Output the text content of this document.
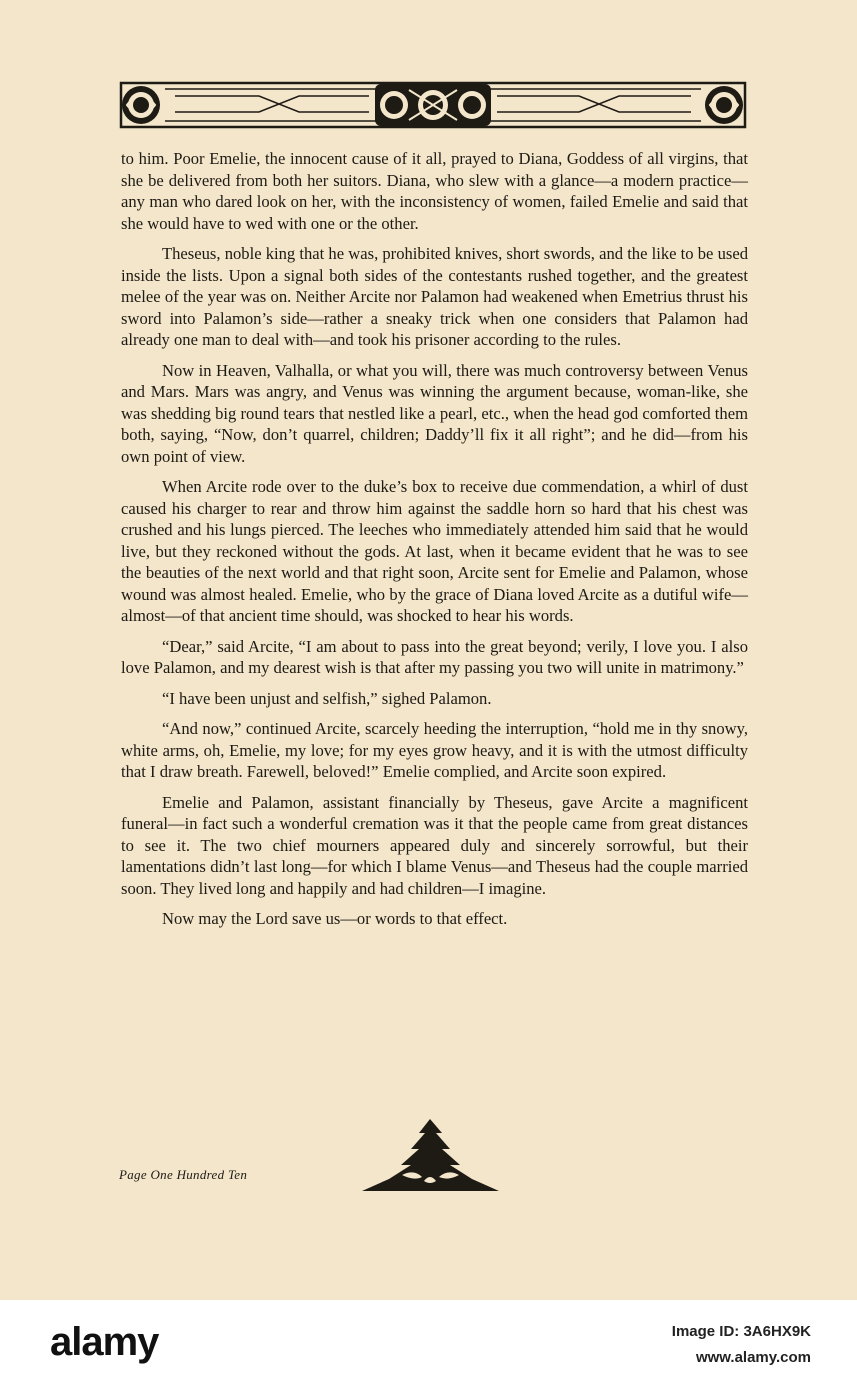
to him. Poor Emelie, the innocent cause of it all, prayed to Diana, Goddess of all virgins, that she be delivered from both her suitors. Diana, who slew with a glance—a modern practice—any man who dared look on her, with the inconsistency of women, failed Emelie and said that she would have to wed with one or the other.

Theseus, noble king that he was, prohibited knives, short swords, and the like to be used inside the lists. Upon a signal both sides of the contestants rushed together, and the greatest melee of the year was on. Neither Arcite nor Palamon had weakened when Emetrius thrust his sword into Palamon’s side—rather a sneaky trick when one considers that Palamon had already one man to deal with—and took his prisoner according to the rules.

Now in Heaven, Valhalla, or what you will, there was much controversy between Venus and Mars. Mars was angry, and Venus was winning the argument because, woman-like, she was shedding big round tears that nestled like a pearl, etc., when the head god comforted them both, saying, “Now, don’t quarrel, children; Daddy’ll fix it all right”; and he did—from his own point of view.

When Arcite rode over to the duke’s box to receive due commendation, a whirl of dust caused his charger to rear and throw him against the saddle horn so hard that his chest was crushed and his lungs pierced. The leeches who immediately attended him said that he would live, but they reckoned without the gods. At last, when it became evident that he was to see the beauties of the next world and that right soon, Arcite sent for Emelie and Palamon, whose wound was almost healed. Emelie, who by the grace of Diana loved Arcite as a dutiful wife—almost—of that ancient time should, was shocked to hear his words.

“Dear,” said Arcite, “I am about to pass into the great beyond; verily, I love you. I also love Palamon, and my dearest wish is that after my passing you two will unite in matrimony.”

“I have been unjust and selfish,” sighed Palamon.

“And now,” continued Arcite, scarcely heeding the interruption, “hold me in thy snowy, white arms, oh, Emelie, my love; for my eyes grow heavy, and it is with the utmost difficulty that I draw breath. Farewell, beloved!” Emelie complied, and Arcite soon expired.

Emelie and Palamon, assistant financially by Theseus, gave Arcite a magnificent funeral—in fact such a wonderful cremation was it that the people came from great distances to see it. The two chief mourners appeared duly and sincerely sorrowful, but their lamentations didn’t last long—for which I blame Venus—and Theseus had the couple married soon. They lived long and happily and had children—I imagine.

Now may the Lord save us—or words to that effect.

Page One Hundred Ten
alamy	Image ID: 3A6HX9K
www.alamy.com
